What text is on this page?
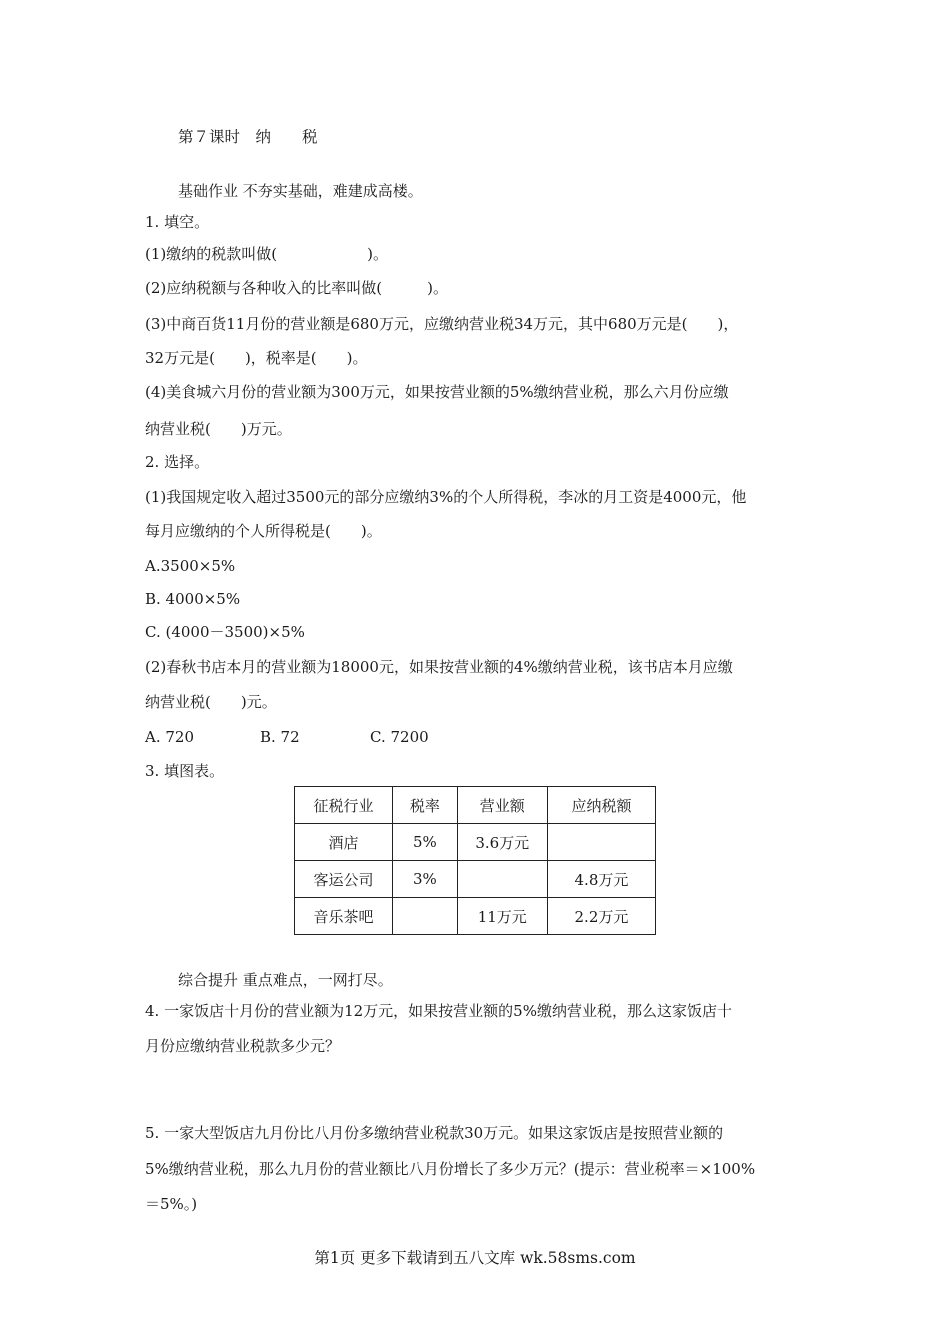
第７课时　纳　　税
基础作业 不夯实基础，难建成高楼。
1. 填空。
(1)缴纳的税款叫做(　　　　　　)。
(2)应纳税额与各种收入的比率叫做(　　　)。
(3)中商百货11月份的营业额是680万元，应缴纳营业税34万元，其中680万元是(　　)，
32万元是(　　)，税率是(　　)。
(4)美食城六月份的营业额为300万元，如果按营业额的5%缴纳营业税，那么六月份应缴
纳营业税(　　)万元。
2. 选择。
(1)我国规定收入超过3500元的部分应缴纳3%的个人所得税，李冰的月工资是4000元，他
每月应缴纳的个人所得税是(　　)。
A.3500×5%
B. 4000×5%
C. (4000－3500)×5%
(2)春秋书店本月的营业额为18000元，如果按营业额的4%缴纳营业税，该书店本月应缴
纳营业税(　　)元。
A. 720	B. 72	C. 7200
3. 填图表。
征税行业	税率	营业额	应纳税额
酒店	5%	3.6万元	
客运公司	3%		4.8万元
音乐茶吧		11万元	2.2万元
综合提升 重点难点，一网打尽。
4. 一家饭店十月份的营业额为12万元，如果按营业额的5%缴纳营业税，那么这家饭店十
月份应缴纳营业税款多少元？
5. 一家大型饭店九月份比八月份多缴纳营业税款30万元。如果这家饭店是按照营业额的
5%缴纳营业税，那么九月份的营业额比八月份增长了多少万元？(提示：营业税率＝×100%
＝5%。)
第1页 更多下载请到五八文库 wk.58sms.com
